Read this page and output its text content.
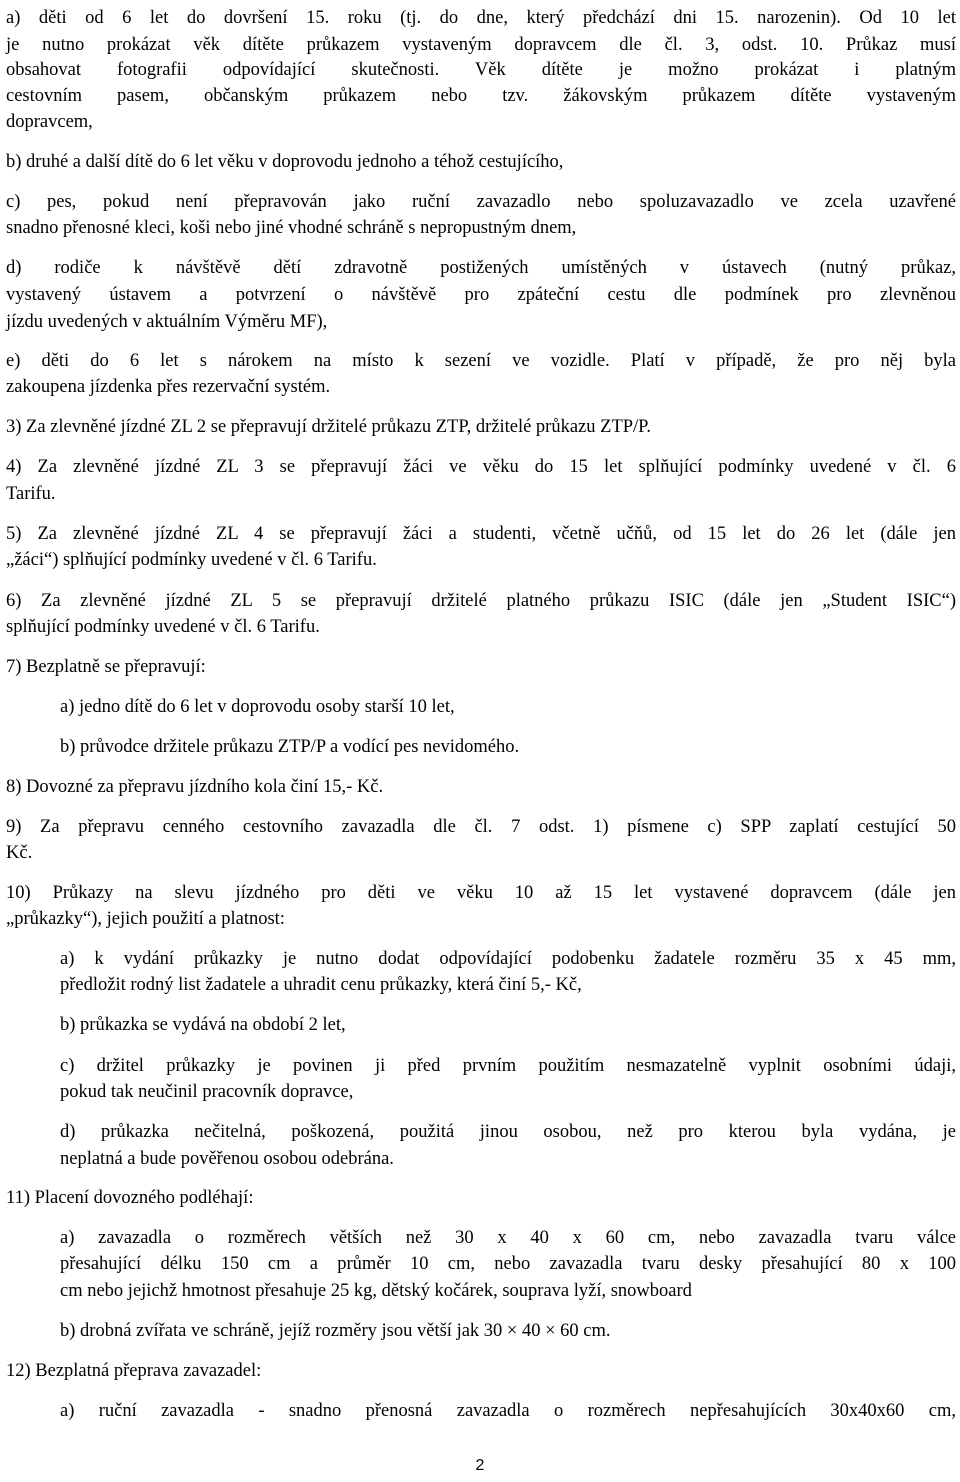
a) děti od 6 let do dovršení 15. roku (tj. do dne, který předchází dni 15. narozenin). Od 10 let

je nutno prokázat věk dítěte průkazem vystaveným dopravcem dle čl. 3, odst. 10. Průkaz musí

obsahovat fotografii odpovídající skutečnosti. Věk dítěte je možno prokázat i platným

cestovním pasem, občanským průkazem nebo tzv. žákovským průkazem dítěte vystaveným

dopravcem,

b) druhé a další dítě do 6 let věku v doprovodu jednoho a téhož cestujícího,

c) pes, pokud není přepravován jako ruční zavazadlo nebo spoluzavazadlo ve zcela uzavřené

snadno přenosné kleci, koši nebo jiné vhodné schráně s nepropustným dnem,

d) rodiče k návštěvě dětí zdravotně postižených umístěných v ústavech (nutný průkaz,

vystavený ústavem a potvrzení o návštěvě pro zpáteční cestu dle podmínek pro zlevněnou

jízdu uvedených v aktuálním Výměru MF),

e) děti do 6 let s nárokem na místo k sezení ve vozidle. Platí v případě, že pro něj byla

zakoupena jízdenka přes rezervační systém.

3) Za zlevněné jízdné ZL 2 se přepravují držitelé průkazu ZTP, držitelé průkazu ZTP/P.

4) Za zlevněné jízdné ZL 3 se přepravují žáci ve věku do 15 let splňující podmínky uvedené v čl. 6

Tarifu.

5) Za zlevněné jízdné ZL 4 se přepravují žáci a studenti, včetně učňů, od 15 let do 26 let (dále jen

„žáci“) splňující podmínky uvedené v čl. 6 Tarifu.

6) Za zlevněné jízdné ZL 5 se přepravují držitelé platného průkazu ISIC (dále jen „Student ISIC“)

splňující podmínky uvedené v čl. 6 Tarifu.

7) Bezplatně se přepravují:

a) jedno dítě do 6 let v doprovodu osoby starší 10 let,

b) průvodce držitele průkazu ZTP/P a vodící pes nevidomého.

8) Dovozné za přepravu jízdního kola činí 15,- Kč.

9) Za přepravu cenného cestovního zavazadla dle čl. 7 odst. 1) písmene c) SPP zaplatí cestující 50

Kč.

10) Průkazy na slevu jízdného pro děti ve věku 10 až 15 let vystavené dopravcem (dále jen

„průkazky“), jejich použití a platnost:

a) k vydání průkazky je nutno dodat odpovídající podobenku žadatele rozměru 35 x 45 mm,

předložit rodný list žadatele a uhradit cenu průkazky, která činí 5,- Kč,

b) průkazka se vydává na období 2 let,

c) držitel průkazky je povinen ji před prvním použitím nesmazatelně vyplnit osobními údaji,

pokud tak neučinil pracovník dopravce,

d) průkazka nečitelná, poškozená, použitá jinou osobou, než pro kterou byla vydána, je

neplatná a bude pověřenou osobou odebrána.

11) Placení dovozného podléhají:

a) zavazadla o rozměrech větších než 30 x 40 x 60 cm, nebo zavazadla tvaru válce

přesahující délku 150 cm a průměr 10 cm, nebo zavazadla tvaru desky přesahující 80 x 100

cm nebo jejichž hmotnost přesahuje 25 kg, dětský kočárek, souprava lyží, snowboard

b) drobná zvířata ve schráně, jejíž rozměry jsou větší jak 30 × 40 × 60 cm.

12) Bezplatná přeprava zavazadel:

a) ruční zavazadla - snadno přenosná zavazadla o rozměrech nepřesahujících 30x40x60 cm,

2
